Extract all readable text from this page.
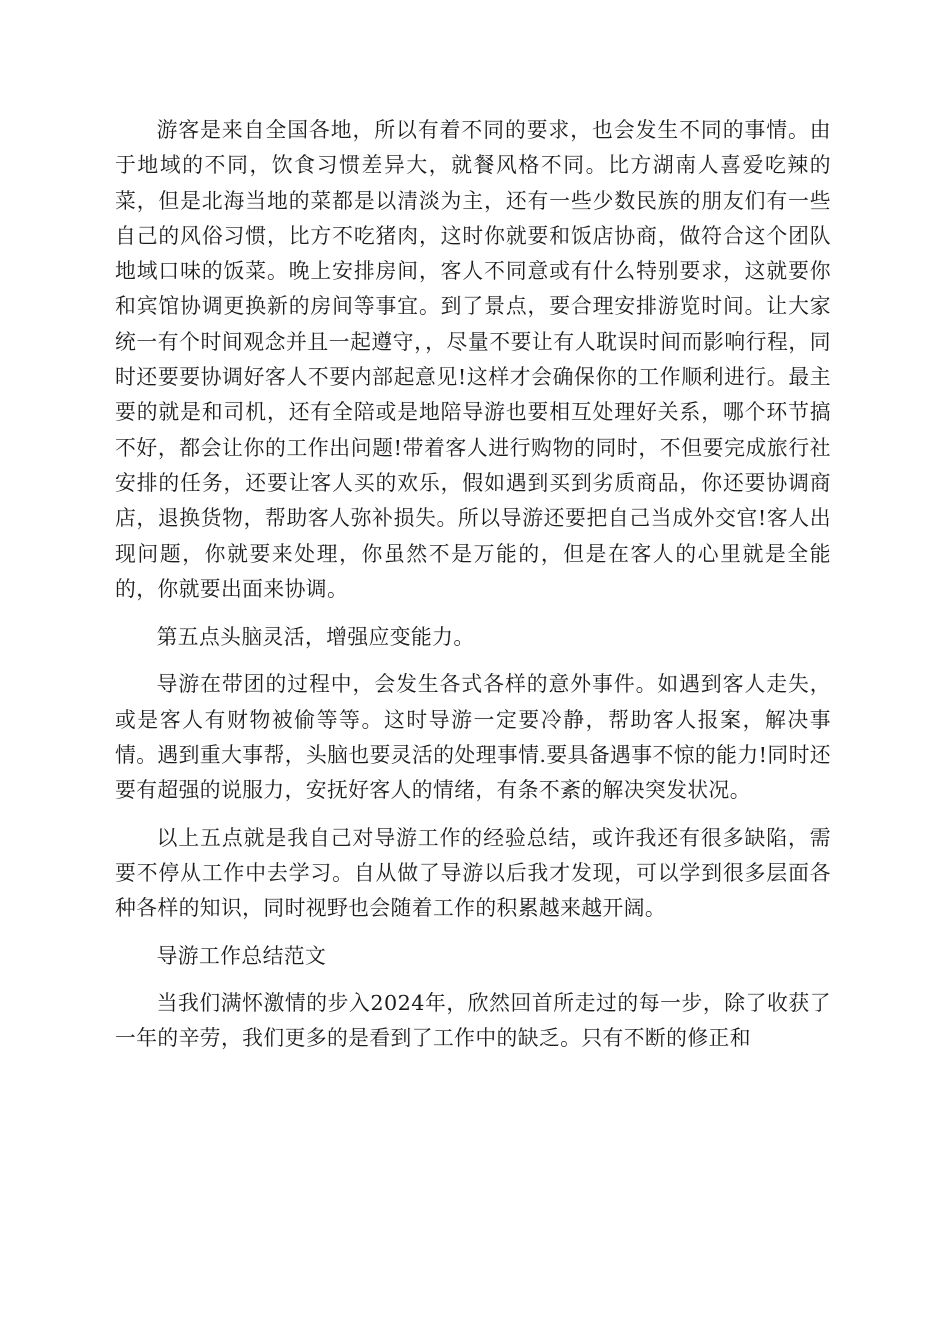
游客是来自全国各地，所以有着不同的要求，也会发生不同的事情。由于地域的不同，饮食习惯差异大，就餐风格不同。比方湖南人喜爱吃辣的菜，但是北海当地的菜都是以清淡为主，还有一些少数民族的朋友们有一些自己的风俗习惯，比方不吃猪肉，这时你就要和饭店协商，做符合这个团队地域口味的饭菜。晚上安排房间，客人不同意或有什么特别要求，这就要你和宾馆协调更换新的房间等事宜。到了景点，要合理安排游览时间。让大家统一有个时间观念并且一起遵守，，尽量不要让有人耽误时间而影响行程，同时还要要协调好客人不要内部起意见!这样才会确保你的工作顺利进行。最主要的就是和司机，还有全陪或是地陪导游也要相互处理好关系，哪个环节搞不好，都会让你的工作出问题!带着客人进行购物的同时，不但要完成旅行社安排的任务，还要让客人买的欢乐，假如遇到买到劣质商品，你还要协调商店，退换货物，帮助客人弥补损失。所以导游还要把自己当成外交官!客人出现问题，你就要来处理，你虽然不是万能的，但是在客人的心里就是全能的，你就要出面来协调。

第五点头脑灵活，增强应变能力。

导游在带团的过程中，会发生各式各样的意外事件。如遇到客人走失，或是客人有财物被偷等等。这时导游一定要冷静，帮助客人报案，解决事情。遇到重大事帮，头脑也要灵活的处理事情.要具备遇事不惊的能力!同时还要有超强的说服力，安抚好客人的情绪，有条不紊的解决突发状况。

以上五点就是我自己对导游工作的经验总结，或许我还有很多缺陷，需要不停从工作中去学习。自从做了导游以后我才发现，可以学到很多层面各种各样的知识，同时视野也会随着工作的积累越来越开阔。

导游工作总结范文

当我们满怀激情的步入2024年，欣然回首所走过的每一步，除了收获了一年的辛劳，我们更多的是看到了工作中的缺乏。只有不断的修正和
